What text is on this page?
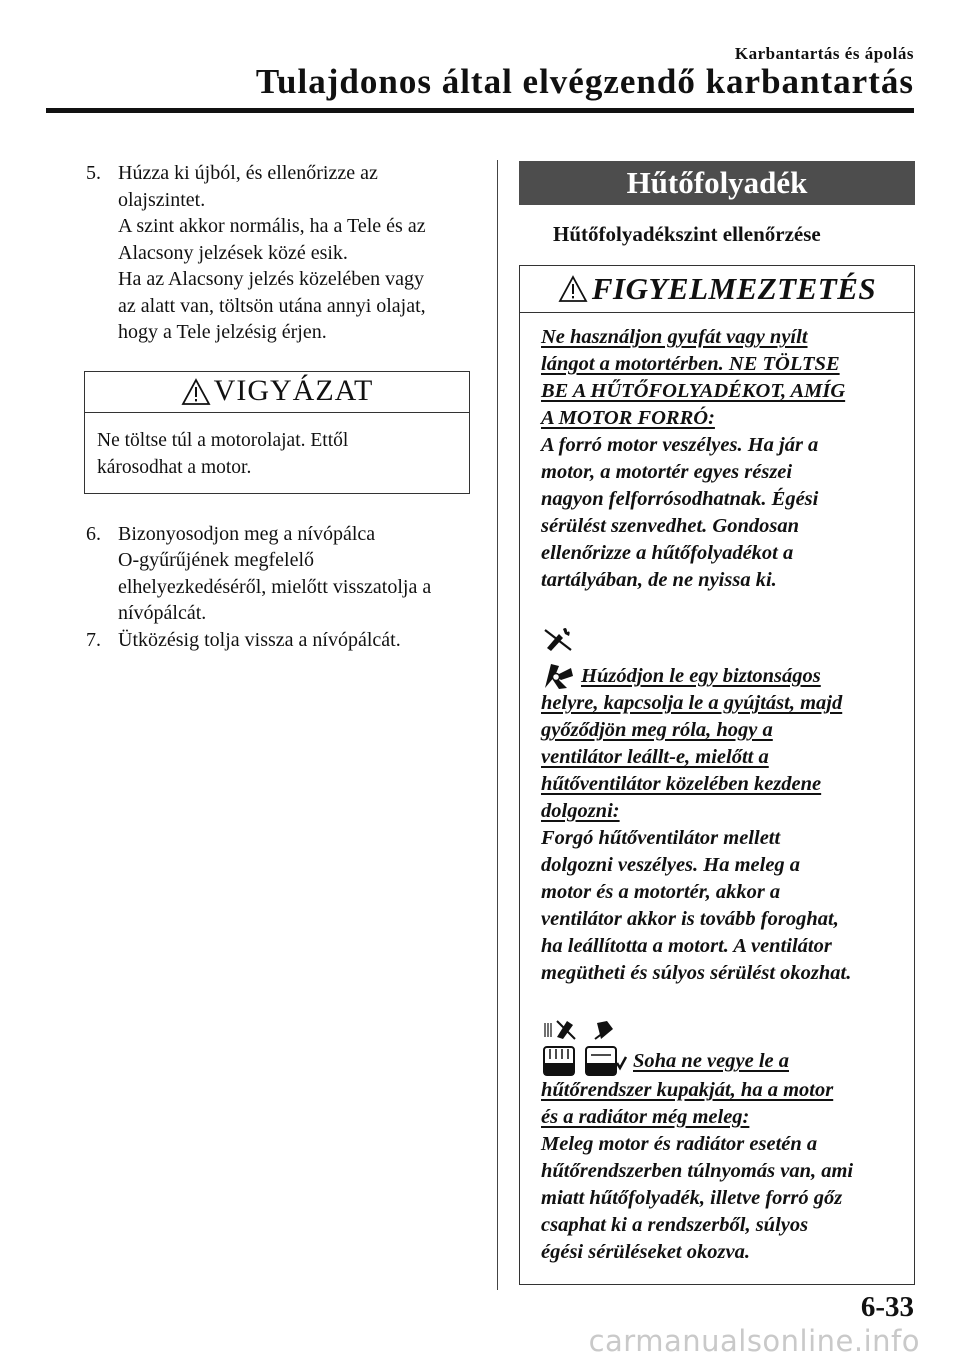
Karbantartás és ápolás
Tulajdonos által elvégzendő karbantartás
5. Húzza ki újból, és ellenőrizze az

olajszintet.

A szint akkor normális, ha a Tele és az

Alacsony jelzések közé esik.

Ha az Alacsony jelzés közelében vagy

az alatt van, töltsön utána annyi olajat,

hogy a Tele jelzésig érjen.

VIGYÁZAT
Ne töltse túl a motorolajat. Ettől
károsodhat a motor.
6. Bizonyosodjon meg a nívópálca

O-gyűrűjének megfelelő

elhelyezkedéséről, mielőtt visszatolja a

nívópálcát.

7. Ütközésig tolja vissza a nívópálcát.

Hűtőfolyadék
Hűtőfolyadékszint ellenőrzése
FIGYELMEZTETÉS

Ne használjon gyufát vagy nyílt

lángot a motortérben. NE TÖLTSE

BE A HŰTŐFOLYADÉKOT, AMÍG

A MOTOR FORRÓ:

A forró motor veszélyes. Ha jár a

motor, a motortér egyes részei

nagyon felforrósodhatnak. Égési

sérülést szenvedhet. Gondosan

ellenőrizze a hűtőfolyadékot a

tartályában, de ne nyissa ki.

Húzódjon le egy biztonságos

helyre, kapcsolja le a gyújtást, majd

győződjön meg róla, hogy a

ventilátor leállt-e, mielőtt a

hűtőventilátor közelében kezdene

dolgozni:

Forgó hűtőventilátor mellett

dolgozni veszélyes. Ha meleg a

motor és a motortér, akkor a

ventilátor akkor is tovább foroghat,

ha leállította a motort. A ventilátor

megütheti és súlyos sérülést okozhat.

Soha ne vegye le a

hűtőrendszer kupakját, ha a motor

és a radiátor még meleg:

Meleg motor és radiátor esetén a

hűtőrendszerben túlnyomás van, ami

miatt hűtőfolyadék, illetve forró gőz

csaphat ki a rendszerből, súlyos

égési sérüléseket okozva.

6-33
carmanualsonline.info
